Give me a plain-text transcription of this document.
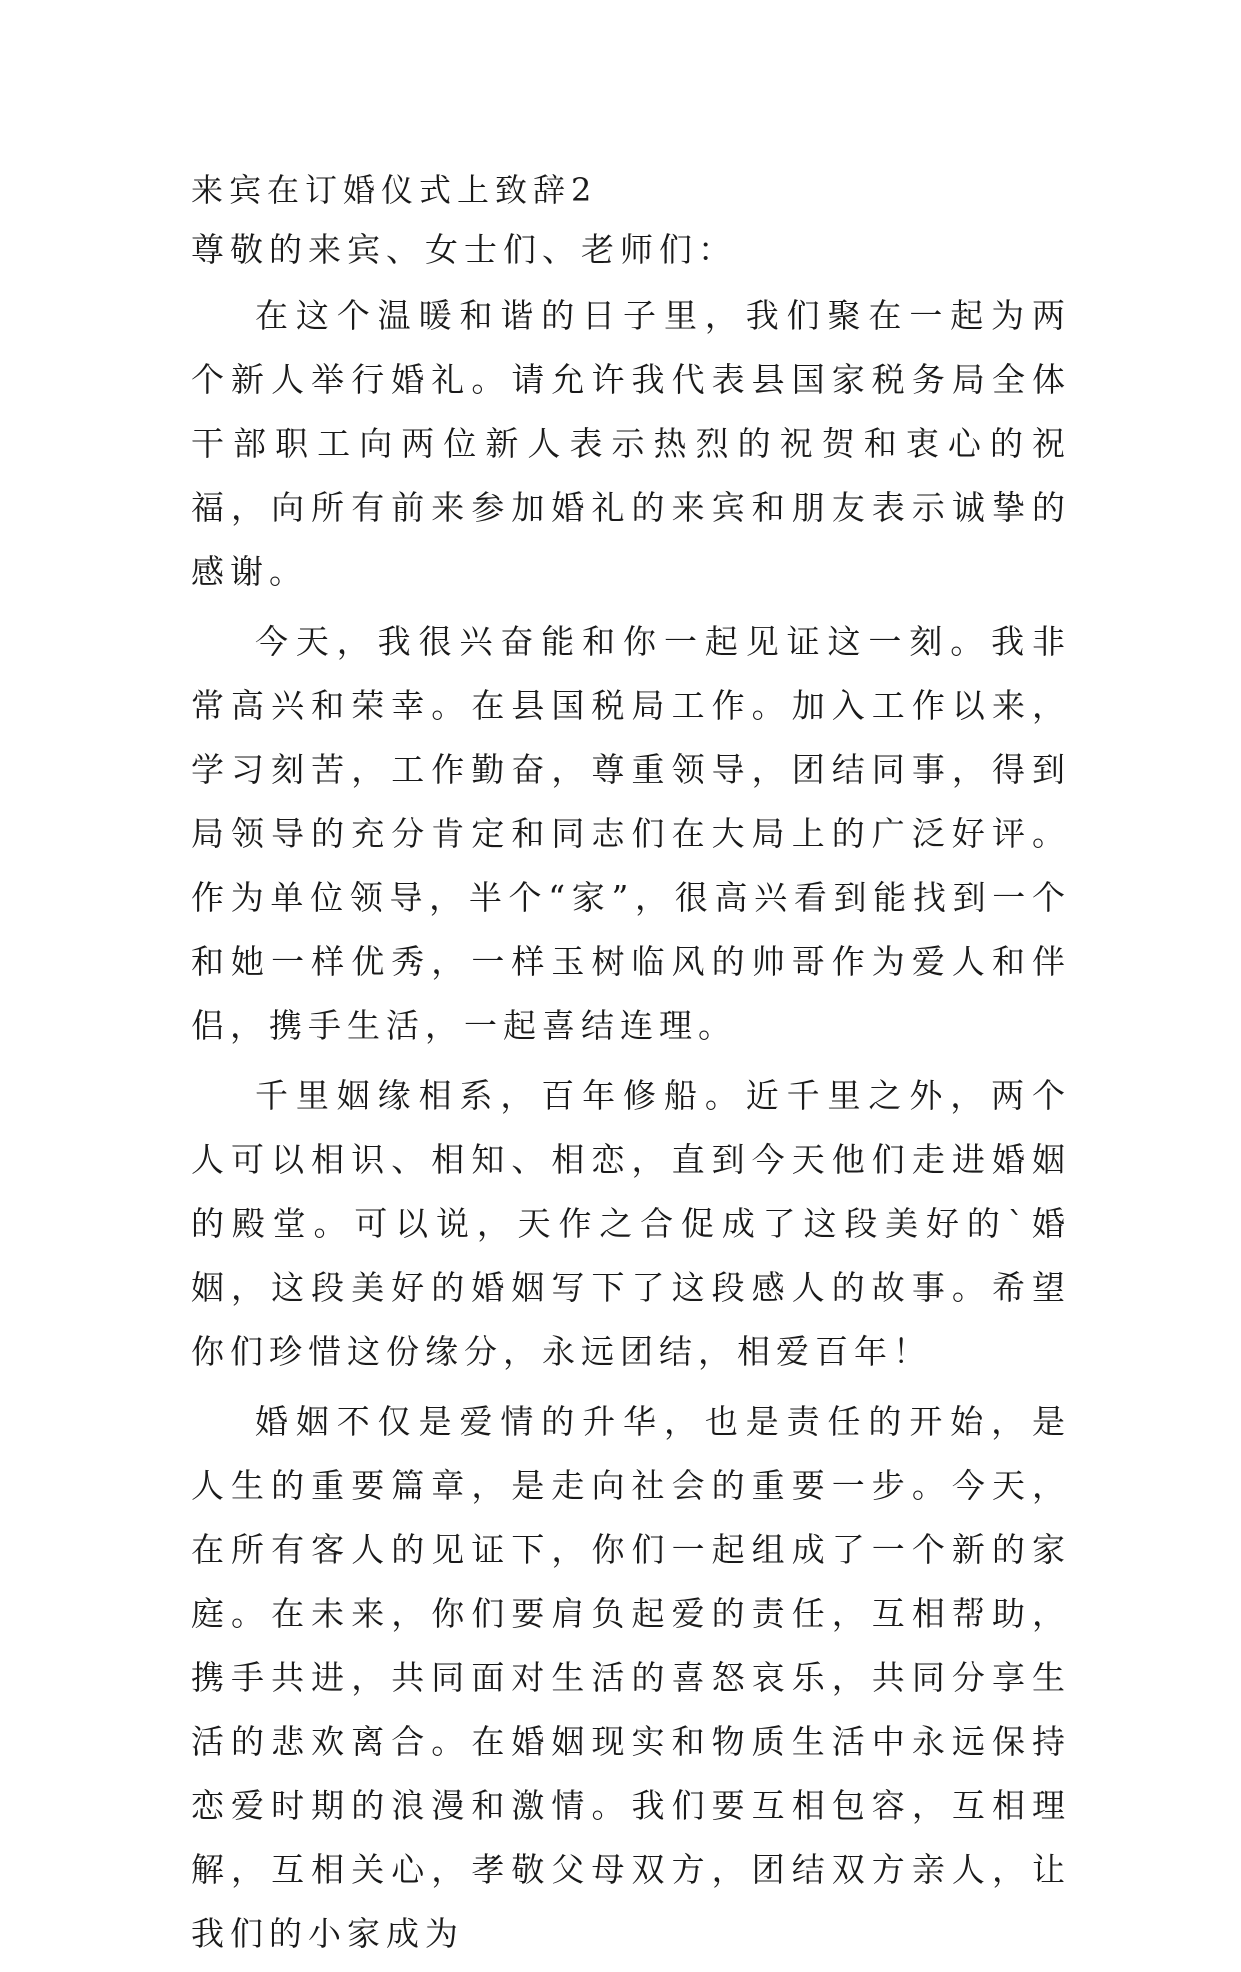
来宾在订婚仪式上致辞2
尊敬的来宾、女士们、老师们：

在这个温暖和谐的日子里，我们聚在一起为两个新人举行婚礼。请允许我代表县国家税务局全体干部职工向两位新人表示热烈的祝贺和衷心的祝福，向所有前来参加婚礼的来宾和朋友表示诚挚的感谢。

今天，我很兴奋能和你一起见证这一刻。我非常高兴和荣幸。在县国税局工作。加入工作以来，学习刻苦，工作勤奋，尊重领导，团结同事，得到局领导的充分肯定和同志们在大局上的广泛好评。作为单位领导，半个“家”，很高兴看到能找到一个和她一样优秀，一样玉树临风的帅哥作为爱人和伴侣，携手生活，一起喜结连理。

千里姻缘相系，百年修船。近千里之外，两个人可以相识、相知、相恋，直到今天他们走进婚姻的殿堂。可以说，天作之合促成了这段美好的`婚姻，这段美好的婚姻写下了这段感人的故事。希望你们珍惜这份缘分，永远团结，相爱百年！

婚姻不仅是爱情的升华，也是责任的开始，是人生的重要篇章，是走向社会的重要一步。今天，在所有客人的见证下，你们一起组成了一个新的家庭。在未来，你们要肩负起爱的责任，互相帮助，携手共进，共同面对生活的喜怒哀乐，共同分享生活的悲欢离合。在婚姻现实和物质生活中永远保持恋爱时期的浪漫和激情。我们要互相包容，互相理解，互相关心，孝敬父母双方，团结双方亲人，让我们的小家成为
